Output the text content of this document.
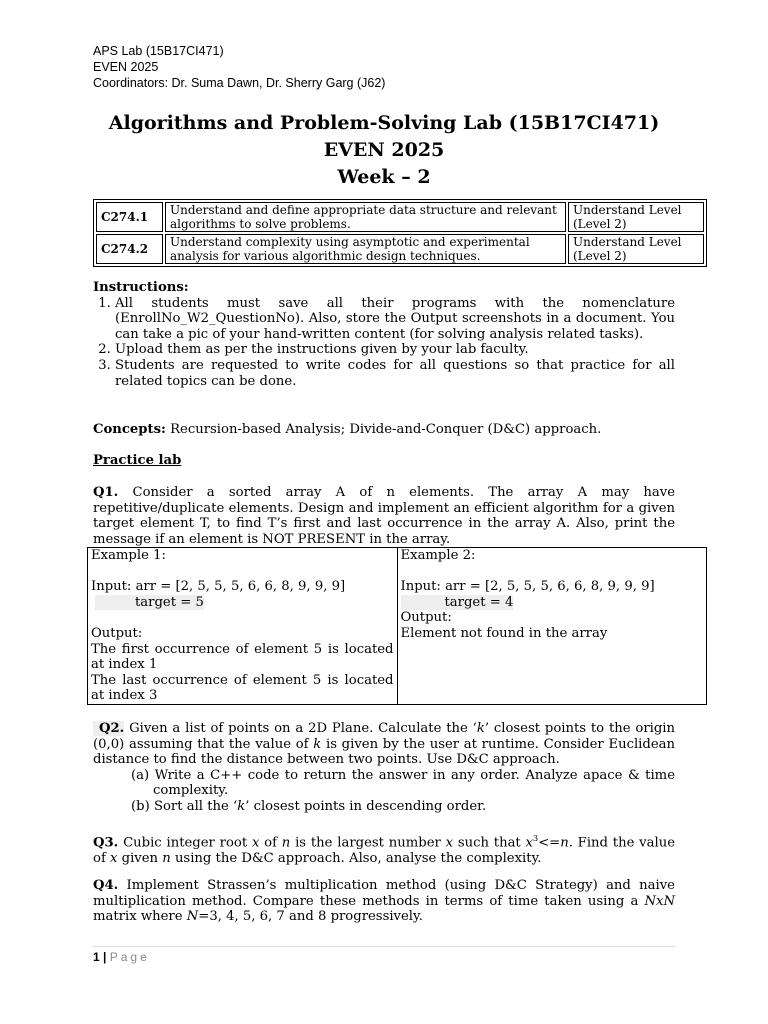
APS Lab (15B17CI471)
EVEN 2025
Coordinators: Dr. Suma Dawn, Dr. Sherry Garg (J62)
Algorithms and Problem-Solving Lab (15B17CI471)
EVEN 2025
Week – 2
C274.1	Understand and define appropriate data structure and relevant algorithms to solve problems.	Understand Level (Level 2)
C274.2	Understand complexity using asymptotic and experimental analysis for various algorithmic design techniques.	Understand Level (Level 2)
Instructions:
1. All students must save all their programs with the nomenclature (EnrollNo_W2_QuestionNo). Also, store the Output screenshots in a document. You can take a pic of your hand-written content (for solving analysis related tasks).
2. Upload them as per the instructions given by your lab faculty.
3. Students are requested to write codes for all questions so that practice for all related topics can be done.
Concepts: Recursion-based Analysis; Divide-and-Conquer (D&C) approach.
Practice lab
Q1. Consider a sorted array A of n elements. The array A may have repetitive/duplicate elements. Design and implement an efficient algorithm for a given target element T, to find T’s first and last occurrence in the array A. Also, print the message if an element is NOT PRESENT in the array.
Example 1:
Input: arr = [2, 5, 5, 5, 6, 6, 8, 9, 9, 9]
target = 5
Output:
The first occurrence of element 5 is located at index 1
The last occurrence of element 5 is located at index 3

Example 2:
Input: arr = [2, 5, 5, 5, 6, 6, 8, 9, 9, 9]
target = 4
Output:
Element not found in the array
Q2. Given a list of points on a 2D Plane. Calculate the ‘k’ closest points to the origin (0,0) assuming that the value of k is given by the user at runtime. Consider Euclidean distance to find the distance between two points. Use D&C approach.
(a) Write a C++ code to return the answer in any order. Analyze apace & time complexity.
(b) Sort all the ‘k’ closest points in descending order.
Q3. Cubic integer root x of n is the largest number x such that $x^3<=n$. Find the value of x given n using the D&C approach. Also, analyse the complexity.
Q4. Implement Strassen’s multiplication method (using D&C Strategy) and naive multiplication method. Compare these methods in terms of time taken using a NxN matrix where N=3, 4, 5, 6, 7 and 8 progressively.
1 | Page
